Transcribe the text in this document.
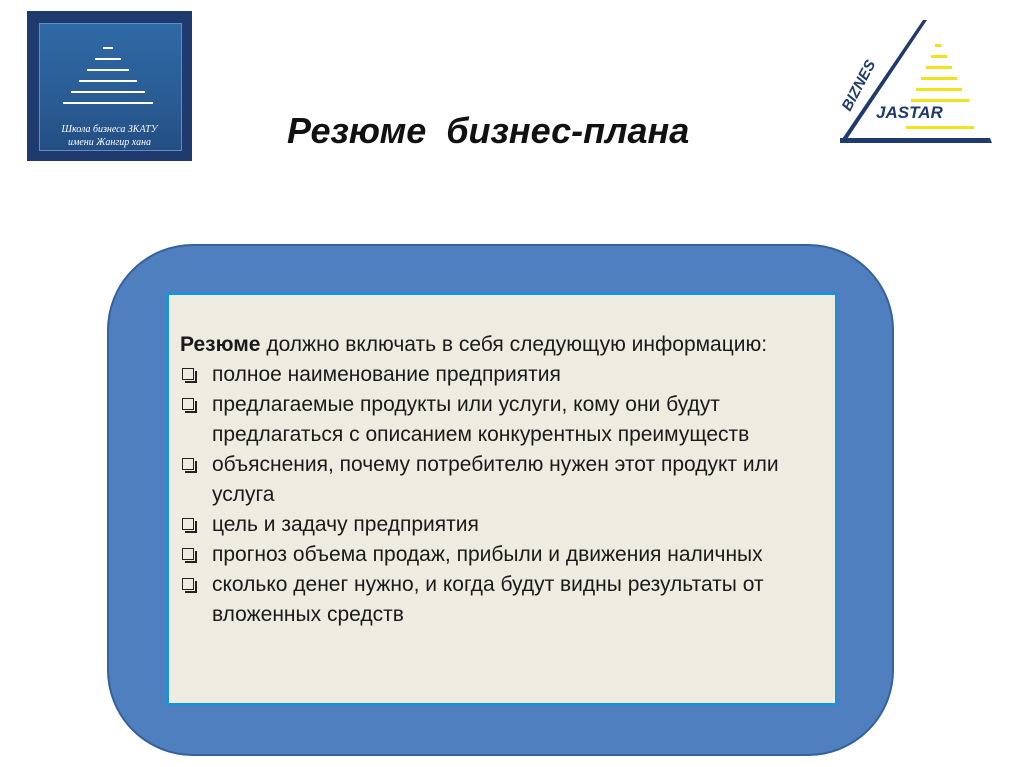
Школа бизнеса ЗКАТУ
имени Жангир хана
BIZNES
JASTAR
Резюме  бизнес-плана

Резюме должно включать в себя следующую информацию:

полное наименование предприятия
предлагаемые продукты или услуги, кому они будут предлагаться с описанием конкурентных преимуществ
объяснения, почему потребителю нужен этот продукт или услуга
цель и задачу предприятия
прогноз объема продаж, прибыли и движения наличных
сколько денег нужно, и когда будут видны результаты от вложенных средств
